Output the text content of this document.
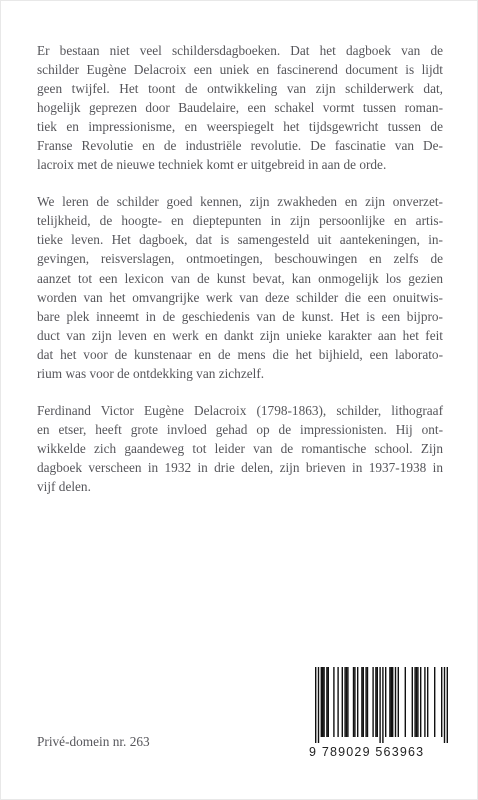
Er bestaan niet veel schildersdagboeken. Dat het dagboek van de
schilder Eugène Delacroix een uniek en fascinerend document is lijdt
geen twijfel. Het toont de ontwikkeling van zijn schilderwerk dat,
hogelijk geprezen door Baudelaire, een schakel vormt tussen roman-
tiek en impressionisme, en weerspiegelt het tijdsgewricht tussen de
Franse Revolutie en de industriële revolutie. De fascinatie van De-
lacroix met de nieuwe techniek komt er uitgebreid in aan de orde.

We leren de schilder goed kennen, zijn zwakheden en zijn onverzet-
telijkheid, de hoogte- en dieptepunten in zijn persoonlijke en artis-
tieke leven. Het dagboek, dat is samengesteld uit aantekeningen, in-
gevingen, reisverslagen, ontmoetingen, beschouwingen en zelfs de
aanzet tot een lexicon van de kunst bevat, kan onmogelijk los gezien
worden van het omvangrijke werk van deze schilder die een onuitwis-
bare plek inneemt in de geschiedenis van de kunst. Het is een bijpro-
duct van zijn leven en werk en dankt zijn unieke karakter aan het feit
dat het voor de kunstenaar en de mens die het bijhield, een laborato-
rium was voor de ontdekking van zichzelf.

Ferdinand Victor Eugène Delacroix (1798-1863), schilder, lithograaf
en etser, heeft grote invloed gehad op de impressionisten. Hij ont-
wikkelde zich gaandeweg tot leider van de romantische school. Zijn
dagboek verscheen in 1932 in drie delen, zijn brieven in 1937-1938 in
vijf delen.

Privé-domein nr. 263
9 789029 563963
